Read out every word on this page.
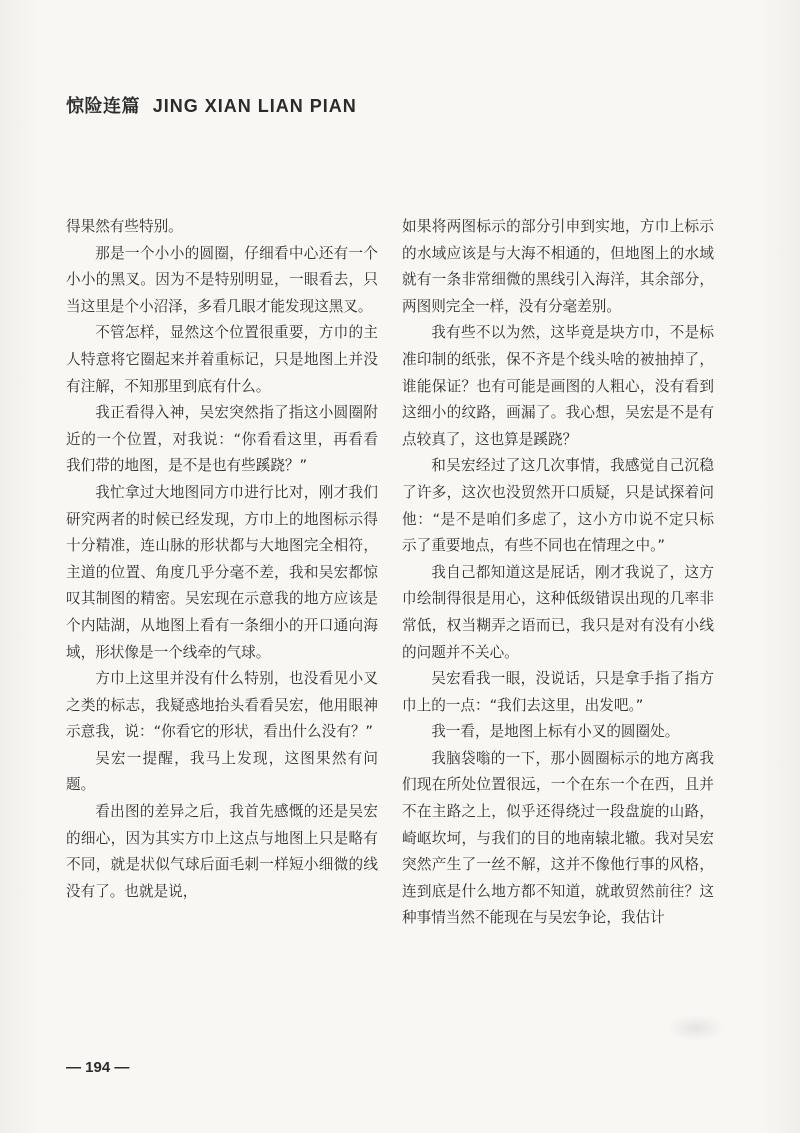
惊险连篇 JING XIAN LIAN PIAN

得果然有些特别。

那是一个小小的圆圈，仔细看中心还有一个小小的黑叉。因为不是特别明显，一眼看去，只当这里是个小沼泽，多看几眼才能发现这黑叉。

不管怎样，显然这个位置很重要，方巾的主人特意将它圈起来并着重标记，只是地图上并没有注解，不知那里到底有什么。

我正看得入神，吴宏突然指了指这小圆圈附近的一个位置，对我说：“你看看这里，再看看我们带的地图，是不是也有些蹊跷？”

我忙拿过大地图同方巾进行比对，刚才我们研究两者的时候已经发现，方巾上的地图标示得十分精准，连山脉的形状都与大地图完全相符，主道的位置、角度几乎分毫不差，我和吴宏都惊叹其制图的精密。吴宏现在示意我的地方应该是个内陆湖，从地图上看有一条细小的开口通向海域，形状像是一个线牵的气球。

方巾上这里并没有什么特别，也没看见小叉之类的标志，我疑惑地抬头看看吴宏，他用眼神示意我，说：“你看它的形状，看出什么没有？”

吴宏一提醒，我马上发现，这图果然有问题。

看出图的差异之后，我首先感慨的还是吴宏的细心，因为其实方巾上这点与地图上只是略有不同，就是状似气球后面毛刺一样短小细微的线没有了。也就是说，

如果将两图标示的部分引申到实地，方巾上标示的水域应该是与大海不相通的，但地图上的水域就有一条非常细微的黑线引入海洋，其余部分，两图则完全一样，没有分毫差别。

我有些不以为然，这毕竟是块方巾，不是标准印制的纸张，保不齐是个线头啥的被抽掉了，谁能保证？也有可能是画图的人粗心，没有看到这细小的纹路，画漏了。我心想，吴宏是不是有点较真了，这也算是蹊跷？

和吴宏经过了这几次事情，我感觉自己沉稳了许多，这次也没贸然开口质疑，只是试探着问他：“是不是咱们多虑了，这小方巾说不定只标示了重要地点，有些不同也在情理之中。”

我自己都知道这是屁话，刚才我说了，这方巾绘制得很是用心，这种低级错误出现的几率非常低，权当糊弄之语而已，我只是对有没有小线的问题并不关心。

吴宏看我一眼，没说话，只是拿手指了指方巾上的一点：“我们去这里，出发吧。”

我一看，是地图上标有小叉的圆圈处。

我脑袋嗡的一下，那小圆圈标示的地方离我们现在所处位置很远，一个在东一个在西，且并不在主路之上，似乎还得绕过一段盘旋的山路，崎岖坎坷，与我们的目的地南辕北辙。我对吴宏突然产生了一丝不解，这并不像他行事的风格，连到底是什么地方都不知道，就敢贸然前往？这种事情当然不能现在与吴宏争论，我估计

— 194 —
